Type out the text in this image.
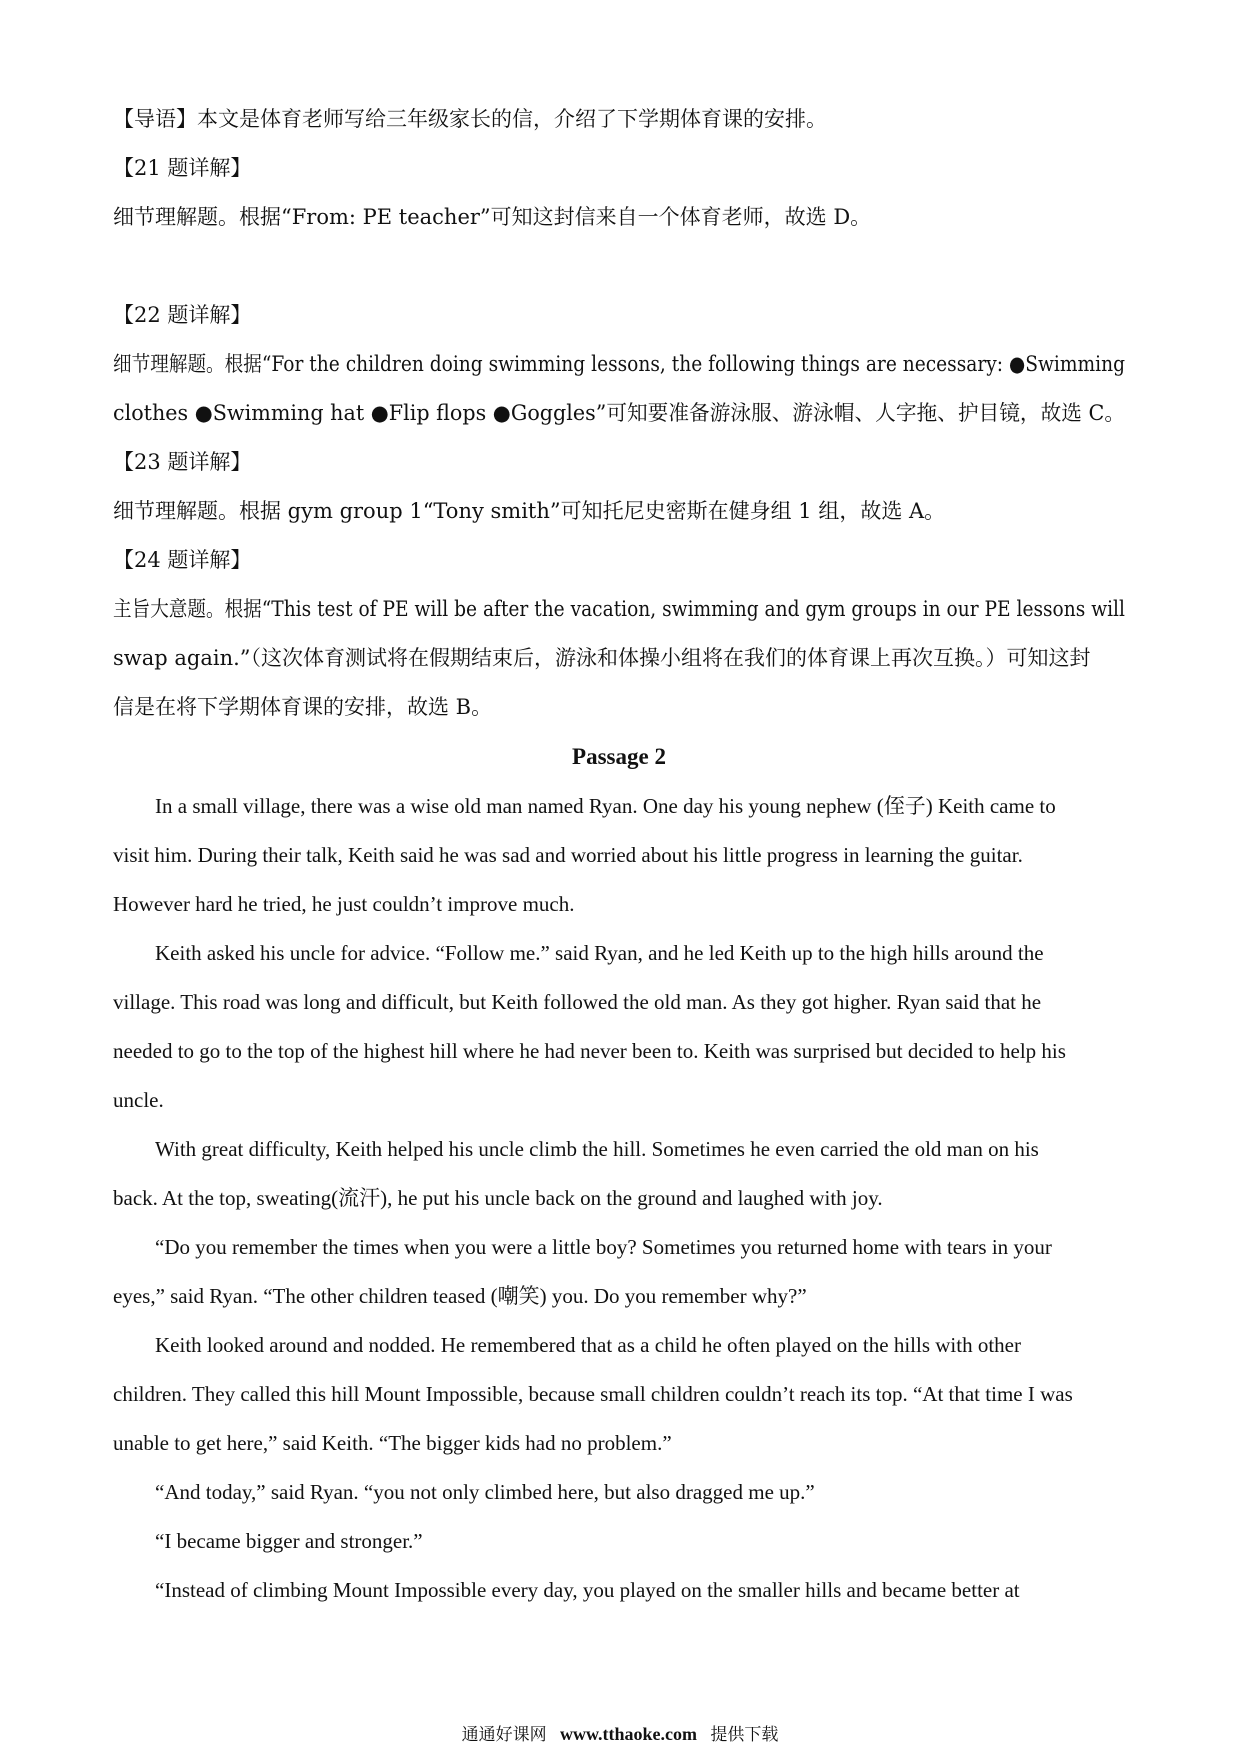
【导语】本文是体育老师写给三年级家长的信，介绍了下学期体育课的安排。
【21 题详解】
细节理解题。根据“From: PE teacher”可知这封信来自一个体育老师，故选 D。
【22 题详解】
细节理解题。根据“For the children doing swimming lessons, the following things are necessary: ●Swimming
clothes ●Swimming hat ●Flip flops ●Goggles”可知要准备游泳服、游泳帽、人字拖、护目镜，故选 C。
【23 题详解】
细节理解题。根据 gym group 1“Tony smith”可知托尼史密斯在健身组 1 组，故选 A。
【24 题详解】
主旨大意题。根据“This test of PE will be after the vacation, swimming and gym groups in our PE lessons will
swap again.”（这次体育测试将在假期结束后，游泳和体操小组将在我们的体育课上再次互换。）可知这封
信是在将下学期体育课的安排，故选 B。
Passage 2
In a small village, there was a wise old man named Ryan. One day his young nephew (侄子) Keith came to
visit him. During their talk, Keith said he was sad and worried about his little progress in learning the guitar.
However hard he tried, he just couldn’t improve much.
Keith asked his uncle for advice. “Follow me.” said Ryan, and he led Keith up to the high hills around the
village. This road was long and difficult, but Keith followed the old man. As they got higher. Ryan said that he
needed to go to the top of the highest hill where he had never been to. Keith was surprised but decided to help his
uncle.
With great difficulty, Keith helped his uncle climb the hill. Sometimes he even carried the old man on his
back. At the top, sweating(流汗), he put his uncle back on the ground and laughed with joy.
“Do you remember the times when you were a little boy? Sometimes you returned home with tears in your
eyes,” said Ryan. “The other children teased (嘲笑) you. Do you remember why?”
Keith looked around and nodded. He remembered that as a child he often played on the hills with other
children. They called this hill Mount Impossible, because small children couldn’t reach its top. “At that time I was
unable to get here,” said Keith. “The bigger kids had no problem.”
“And today,” said Ryan. “you not only climbed here, but also dragged me up.”
“I became bigger and stronger.”
“Instead of climbing Mount Impossible every day, you played on the smaller hills and became better at
通通好课网 www.tthaoke.com 提供下载
